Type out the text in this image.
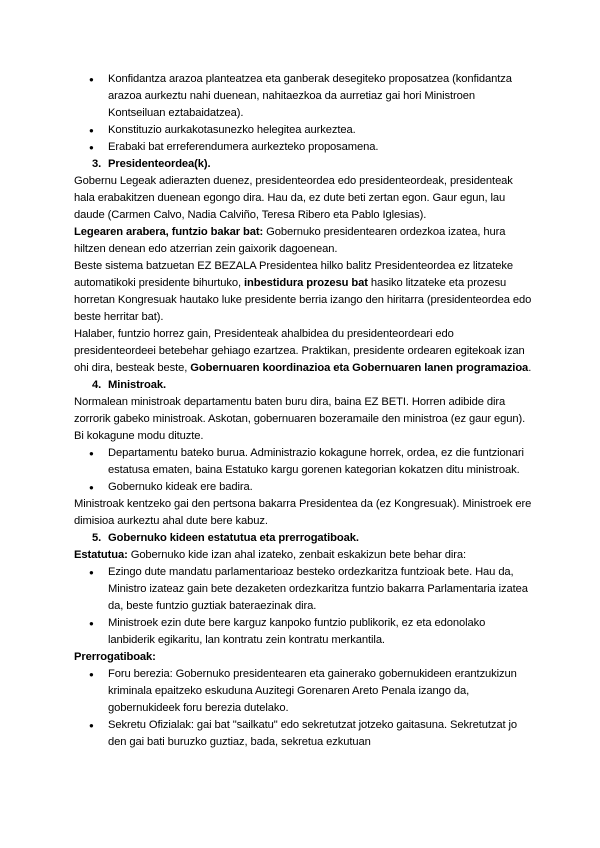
● Konfidantza arazoa planteatzea eta ganberak desegiteko proposatzea (konfidantza arazoa aurkeztu nahi duenean, nahitaezkoa da aurretiaz gai hori Ministroen Kontseiluan eztabaidatzea).

● Konstituzio aurkakotasunezko helegitea aurkeztea.

● Erabaki bat erreferendumera aurkezteko proposamena.

3. Presidenteordea(k).

Gobernu Legeak adierazten duenez, presidenteordea edo presidenteordeak, presidenteak hala erabakitzen duenean egongo dira. Hau da, ez dute beti zertan egon. Gaur egun, lau daude (Carmen Calvo, Nadia Calviño, Teresa Ribero eta Pablo Iglesias).

Legearen arabera, funtzio bakar bat: Gobernuko presidentearen ordezkoa izatea, hura hiltzen denean edo atzerrian zein gaixorik dagoenean.

Beste sistema batzuetan EZ BEZALA Presidentea hilko balitz Presidenteordea ez litzateke automatikoki presidente bihurtuko, inbestidura prozesu bat hasiko litzateke eta prozesu horretan Kongresuak hautako luke presidente berria izango den hiritarra (presidenteordea edo beste herritar bat).

Halaber, funtzio horrez gain, Presidenteak ahalbidea du presidenteordeari edo presidenteordeei betebehar gehiago ezartzea. Praktikan, presidente ordearen egitekoak izan ohi dira, besteak beste, Gobernuaren koordinazioa eta Gobernuaren lanen programazioa.

4. Ministroak.

Normalean ministroak departamentu baten buru dira, baina EZ BETI. Horren adibide dira zorrorik gabeko ministroak. Askotan, gobernuaren bozeramaile den ministroa (ez gaur egun).

Bi kokagune modu dituzte.

● Departamentu bateko burua. Administrazio kokagune horrek, ordea, ez die funtzionari estatusa ematen, baina Estatuko kargu gorenen kategorian kokatzen ditu ministroak.

● Gobernuko kideak ere badira.

Ministroak kentzeko gai den pertsona bakarra Presidentea da (ez Kongresuak). Ministroek ere dimisioa aurkeztu ahal dute bere kabuz.

5. Gobernuko kideen estatutua eta prerrogatiboak.

Estatutua: Gobernuko kide izan ahal izateko, zenbait eskakizun bete behar dira:

● Ezingo dute mandatu parlamentarioaz besteko ordezkaritza funtzioak bete. Hau da, Ministro izateaz gain bete dezaketen ordezkaritza funtzio bakarra Parlamentaria izatea da, beste funtzio guztiak bateraezinak dira.

● Ministroek ezin dute bere karguz kanpoko funtzio publikorik, ez eta edonolako lanbiderik egikaritu, lan kontratu zein kontratu merkantila.

Prerrogatiboak:

● Foru berezia: Gobernuko presidentearen eta gainerako gobernukideen erantzukizun kriminala epaitzeko eskuduna Auzitegi Gorenaren Areto Penala izango da, gobernukideek foru berezia dutelako.

● Sekretu Ofizialak: gai bat "sailkatu" edo sekretutzat jotzeko gaitasuna. Sekretutzat jo den gai bati buruzko guztiaz, bada, sekretua ezkutuan
